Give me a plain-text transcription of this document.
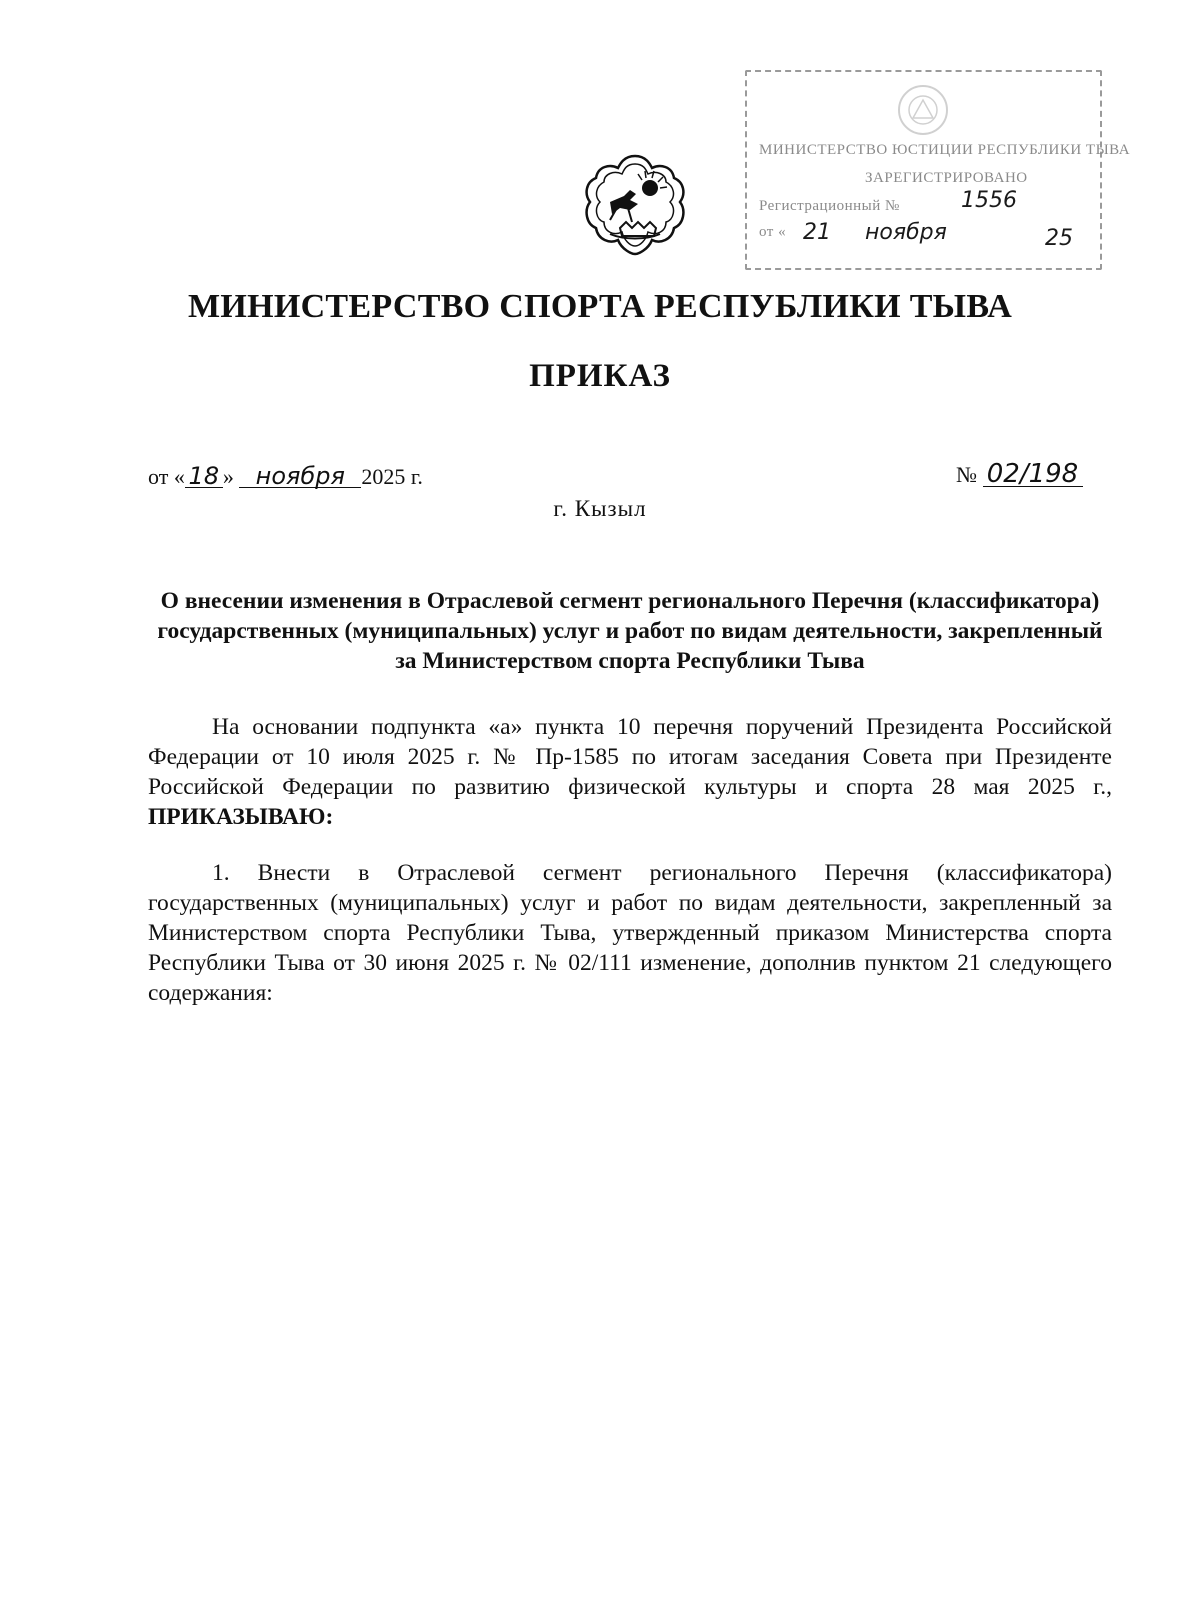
МИНИСТЕРСТВО ЮСТИЦИИ РЕСПУБЛИКИ ТЫВА
ЗАРЕГИСТРИРОВАНО
Регистрационный №
от «
1556
21 ноября	25
МИНИСТЕРСТВО СПОРТА РЕСПУБЛИКИ ТЫВА
ПРИКАЗ
от « 18 » ноября 2025 г.	№ 02/198
г. Кызыл
О внесении изменения в Отраслевой сегмент регионального Перечня (классификатора) государственных (муниципальных) услуг и работ по видам деятельности, закрепленный за Министерством спорта Республики Тыва
На основании подпункта «а» пункта 10 перечня поручений Президента Российской Федерации от 10 июля 2025 г. № Пр-1585 по итогам заседания Совета при Президенте Российской Федерации по развитию физической культуры и спорта 28 мая 2025 г., ПРИКАЗЫВАЮ:
1. Внести в Отраслевой сегмент регионального Перечня (классификатора) государственных (муниципальных) услуг и работ по видам деятельности, закрепленный за Министерством спорта Республики Тыва, утвержденный приказом Министерства спорта Республики Тыва от 30 июня 2025 г. № 02/111 изменение, дополнив пунктом 21 следующего содержания:
